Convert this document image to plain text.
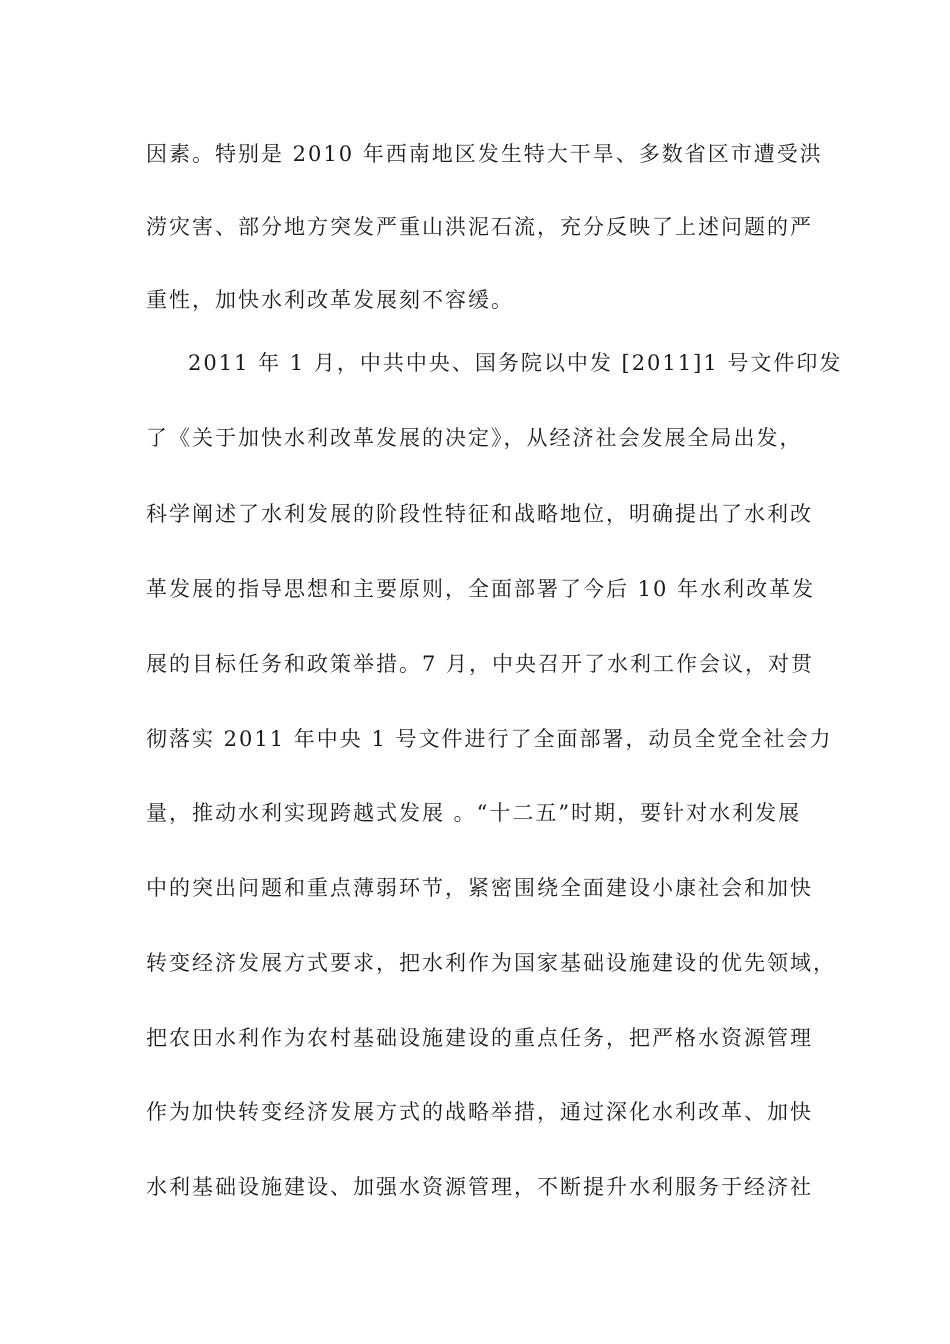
因素。特别是 2010 年西南地区发生特大干旱、多数省区市遭受洪
涝灾害、部分地方突发严重山洪泥石流，充分反映了上述问题的严
重性，加快水利改革发展刻不容缓。
2011 年 1 月，中共中央、国务院以中发 [2011]1 号文件印发
了《关于加快水利改革发展的决定》，从经济社会发展全局出发，
科学阐述了水利发展的阶段性特征和战略地位，明确提出了水利改
革发展的指导思想和主要原则，全面部署了今后 10 年水利改革发
展的目标任务和政策举措。7 月，中央召开了水利工作会议，对贯
彻落实 2011 年中央 1 号文件进行了全面部署，动员全党全社会力
量，推动水利实现跨越式发展 。“十二五”时期，要针对水利发展
中的突出问题和重点薄弱环节，紧密围绕全面建设小康社会和加快
转变经济发展方式要求，把水利作为国家基础设施建设的优先领域，
把农田水利作为农村基础设施建设的重点任务，把严格水资源管理
作为加快转变经济发展方式的战略举措，通过深化水利改革、加快
水利基础设施建设、加强水资源管理，不断提升水利服务于经济社
